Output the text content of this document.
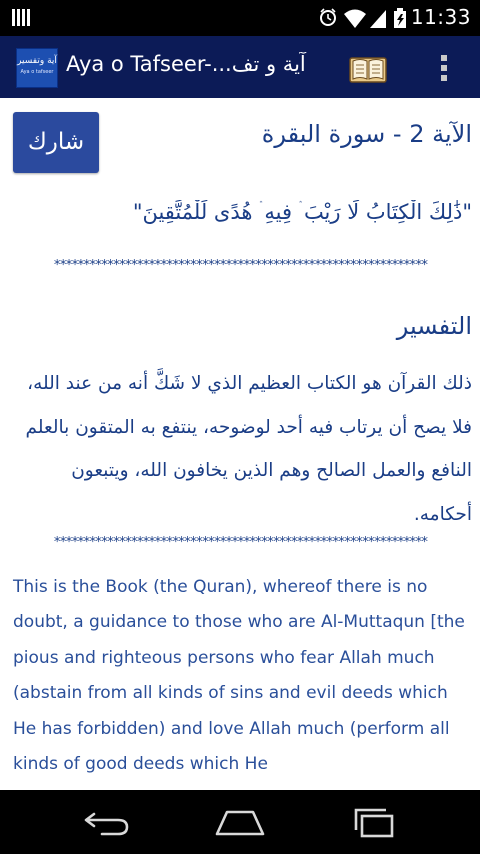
11:33
آية وتفسير
Aya o tafseer Aya o Tafseer-...آية و تف
شارك	الآية 2 - سورة البقرة
"ذَٰلِكَ الْكِتَابُ لَا رَيْبَ ۛ فِيهِ ۛ هُدًى لِّلْمُتَّقِينَ"
***************************************************************
التفسير
ذلك القرآن هو الكتاب العظيم الذي لا شَكَّ أنه من عند الله، فلا يصح أن يرتاب فيه أحد لوضوحه، ينتفع به المتقون بالعلم النافع والعمل الصالح وهم الذين يخافون الله، ويتبعون أحكامه.
***************************************************************
This is the Book (the Quran), whereof there is no doubt, a guidance to those who are Al-Muttaqun [the pious and righteous persons who fear Allah much (abstain from all kinds of sins and evil deeds which He has forbidden) and love Allah much (perform all kinds of good deeds which He
